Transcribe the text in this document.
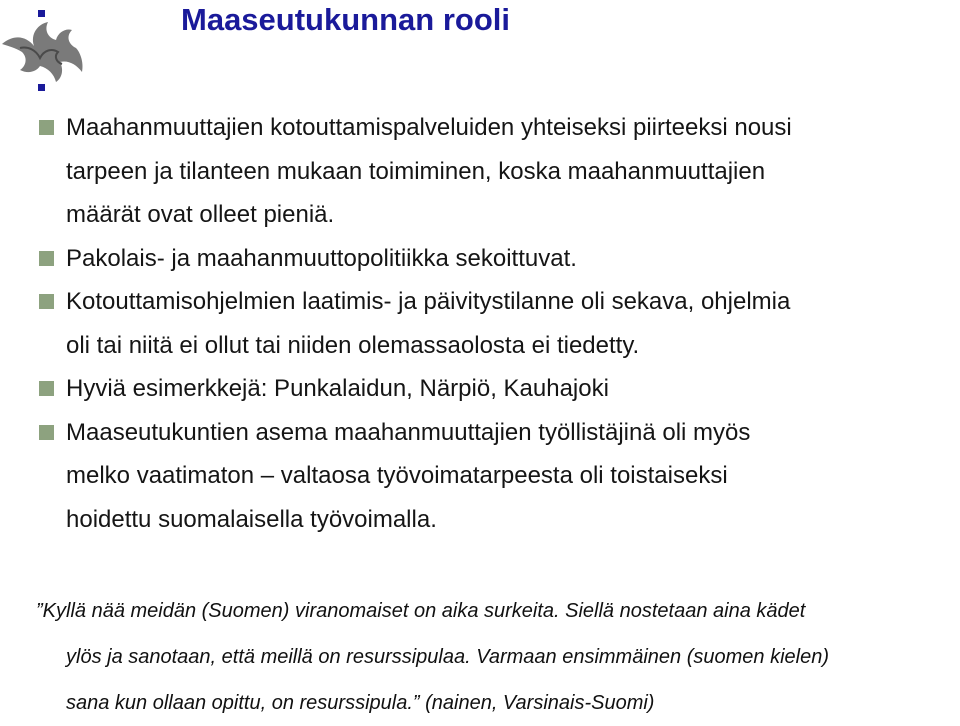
Maaseutukunnan rooli
Maahanmuuttajien kotouttamispalveluiden yhteiseksi piirteeksi nousi
tarpeen ja tilanteen mukaan toimiminen, koska maahanmuuttajien
määrät ovat olleet pieniä.
Pakolais- ja maahanmuuttopolitiikka sekoittuvat.
Kotouttamisohjelmien laatimis- ja päivitystilanne oli sekava, ohjelmia
oli tai niitä ei ollut tai niiden olemassaolosta ei tiedetty.
Hyviä esimerkkejä: Punkalaidun, Närpiö, Kauhajoki
Maaseutukuntien asema maahanmuuttajien työllistäjinä oli myös
melko vaatimaton – valtaosa työvoimatarpeesta oli toistaiseksi
hoidettu suomalaisella työvoimalla.
”Kyllä nää meidän (Suomen) viranomaiset on aika surkeita. Siellä nostetaan aina kädet
ylös ja sanotaan, että meillä on resurssipulaa. Varmaan ensimmäinen (suomen kielen)
sana kun ollaan opittu, on resurssipula.” (nainen, Varsinais-Suomi)
